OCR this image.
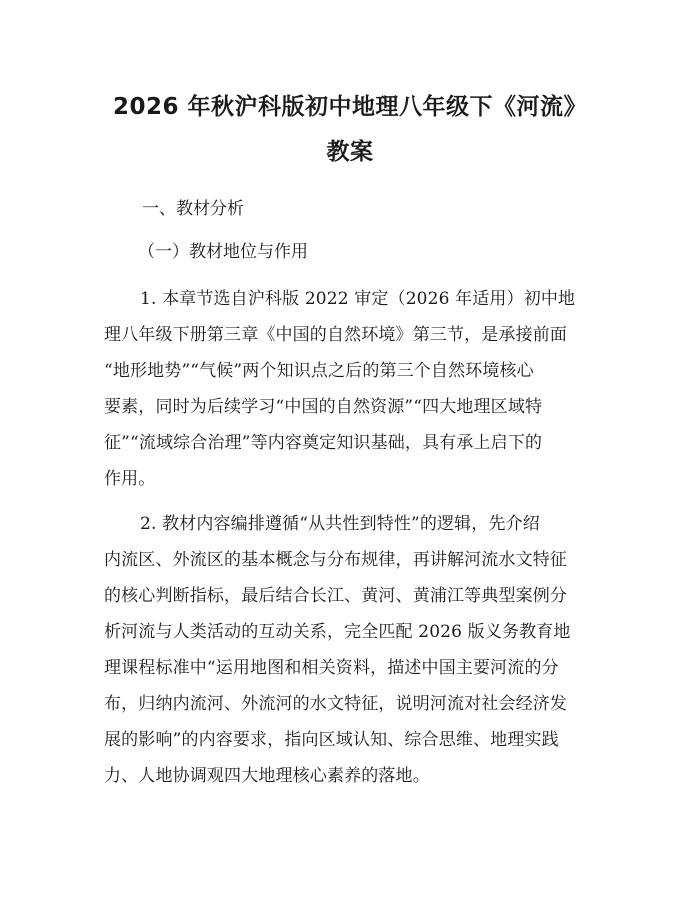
2026 年秋沪科版初中地理八年级下《河流》
教案
一、教材分析
（一）教材地位与作用
1. 本章节选自沪科版 2022 审定（2026 年适用）初中地
理八年级下册第三章《中国的自然环境》第三节，是承接前面
“地形地势”“气候”两个知识点之后的第三个自然环境核心
要素，同时为后续学习“中国的自然资源”“四大地理区域特
征”“流域综合治理”等内容奠定知识基础，具有承上启下的
作用。
2. 教材内容编排遵循“从共性到特性”的逻辑，先介绍
内流区、外流区的基本概念与分布规律，再讲解河流水文特征
的核心判断指标，最后结合长江、黄河、黄浦江等典型案例分
析河流与人类活动的互动关系，完全匹配 2026 版义务教育地
理课程标准中“运用地图和相关资料，描述中国主要河流的分
布，归纳内流河、外流河的水文特征，说明河流对社会经济发
展的影响”的内容要求，指向区域认知、综合思维、地理实践
力、人地协调观四大地理核心素养的落地。
